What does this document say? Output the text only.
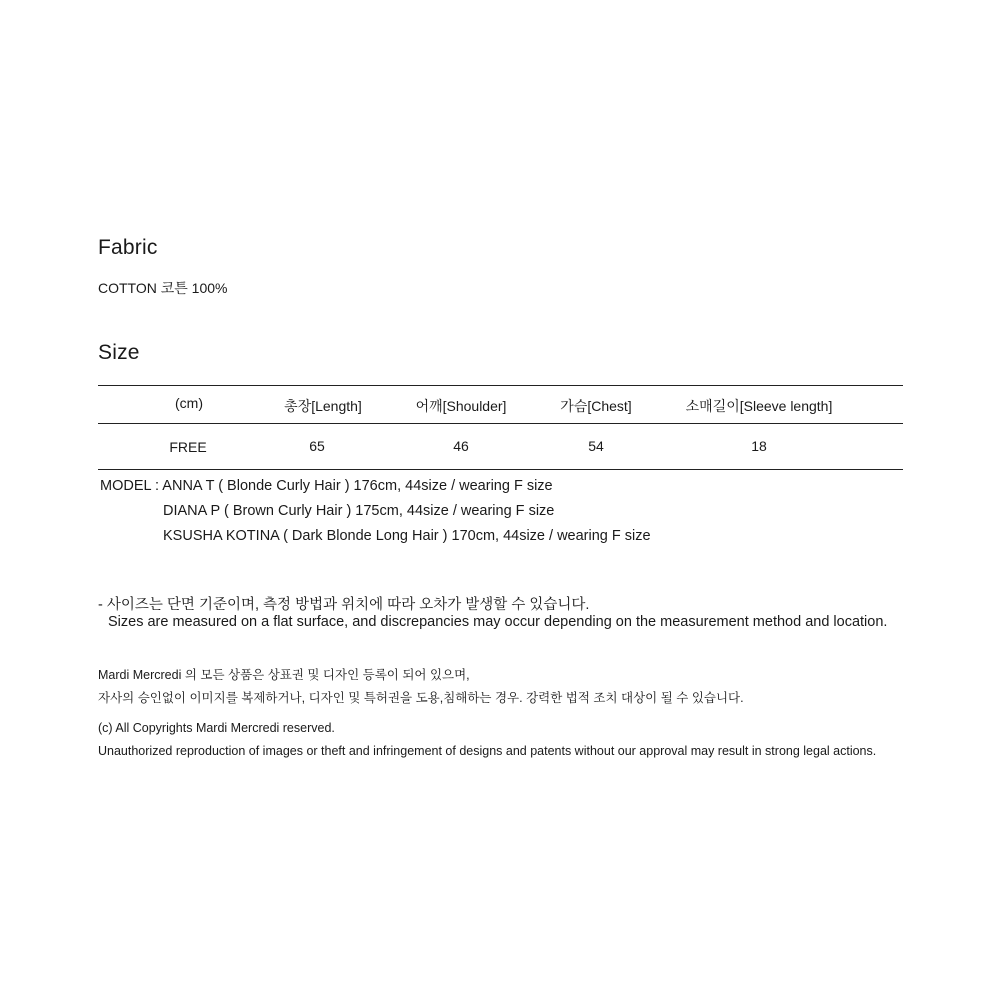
Fabric
COTTON 코튼 100%
Size
(cm)	총장[Length]	어깨[Shoulder]	가슴[Chest]	소매길이[Sleeve length]
FREE	65	46	54	18
MODEL : ANNA T ( Blonde Curly Hair ) 176cm, 44size / wearing F size
DIANA P ( Brown Curly Hair ) 175cm, 44size / wearing F size
KSUSHA KOTINA ( Dark Blonde Long Hair ) 170cm, 44size / wearing F size
- 사이즈는 단면 기준이며, 측정 방법과 위치에 따라 오차가 발생할 수 있습니다.
Sizes are measured on a flat surface, and discrepancies may occur depending on the measurement method and location.
Mardi Mercredi 의 모든 상품은 상표권 및 디자인 등록이 되어 있으며,
자사의 승인없이 이미지를 복제하거나, 디자인 및 특허권을 도용,침해하는 경우. 강력한 법적 조치 대상이 될 수 있습니다.
(c) All Copyrights Mardi Mercredi reserved.
Unauthorized reproduction of images or theft and infringement of designs and patents without our approval may result in strong legal actions.
